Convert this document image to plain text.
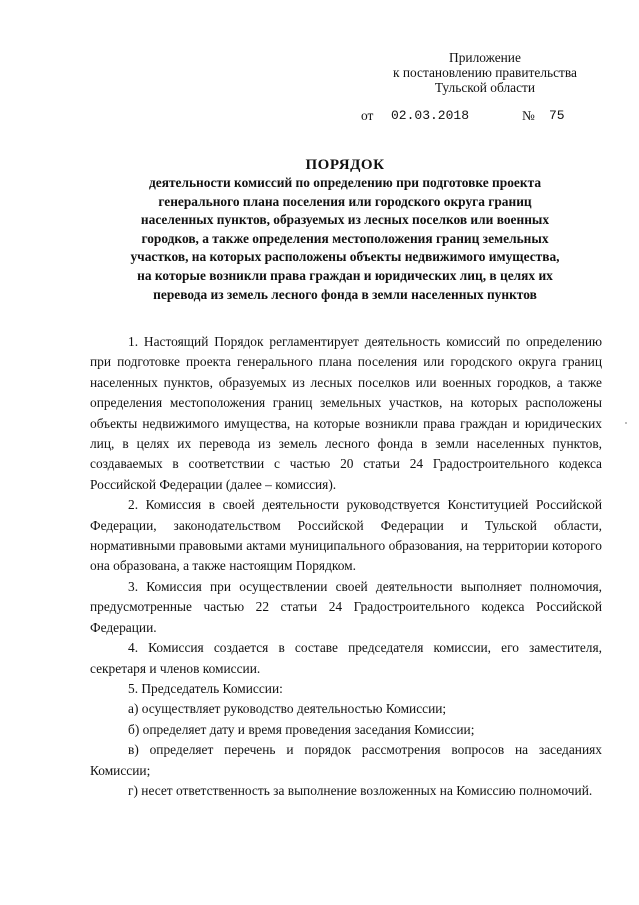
Приложение
к постановлению правительства
Тульской области
от 02.03.2018	№ 75
ПОРЯДОК
деятельности комиссий по определению при подготовке проекта
генерального плана поселения или городского округа границ
населенных пунктов, образуемых из лесных поселков или военных
городков, а также определения местоположения границ земельных
участков, на которых расположены объекты недвижимого имущества,
на которые возникли права граждан и юридических лиц, в целях их
перевода из земель лесного фонда в земли населенных пунктов

1. Настоящий Порядок регламентирует деятельность комиссий по определению при подготовке проекта генерального плана поселения или городского округа границ населенных пунктов, образуемых из лесных поселков или военных городков, а также определения местоположения границ земельных участков, на которых расположены объекты недвижимого имущества, на которые возникли права граждан и юридических лиц, в целях их перевода из земель лесного фонда в земли населенных пунктов, создаваемых в соответствии с частью 20 статьи 24 Градостроительного кодекса Российской Федерации (далее – комиссия).

2. Комиссия в своей деятельности руководствуется Конституцией Российской Федерации, законодательством Российской Федерации и Тульской области, нормативными правовыми актами муниципального образования, на территории которого она образована, а также настоящим Порядком.

3. Комиссия при осуществлении своей деятельности выполняет полномочия, предусмотренные частью 22 статьи 24 Градостроительного кодекса Российской Федерации.

4. Комиссия создается в составе председателя комиссии, его заместителя, секретаря и членов комиссии.

5. Председатель Комиссии:

а) осуществляет руководство деятельностью Комиссии;

б) определяет дату и время проведения заседания Комиссии;

в) определяет перечень и порядок рассмотрения вопросов на заседаниях Комиссии;

г) несет ответственность за выполнение возложенных на Комиссию полномочий.
